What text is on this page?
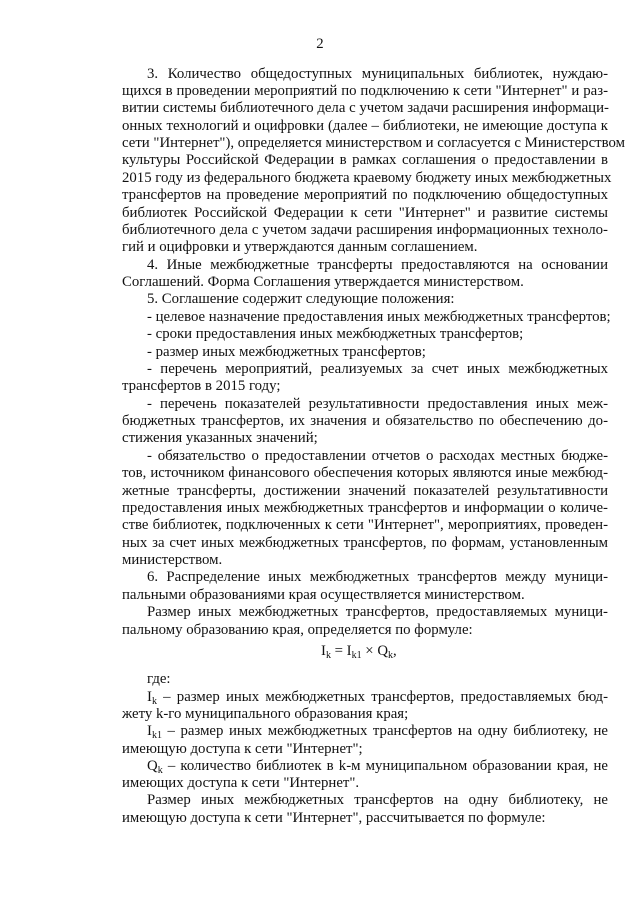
2
3. Количество общедоступных муниципальных библиотек, нуждаю-
щихся в проведении мероприятий по подключению к сети "Интернет" и раз-
витии системы библиотечного дела с учетом задачи расширения информаци-
онных технологий и оцифровки (далее – библиотеки, не имеющие доступа к
сети "Интернет"), определяется министерством и согласуется с Министерством
культуры Российской Федерации в рамках соглашения о предоставлении в
2015 году из федерального бюджета краевому бюджету иных межбюджетных
трансфертов на проведение мероприятий по подключению общедоступных
библиотек Российской Федерации к сети "Интернет" и развитие системы
библиотечного дела с учетом задачи расширения информационных техноло-
гий и оцифровки и утверждаются данным соглашением.
4. Иные межбюджетные трансферты предоставляются на основании
Соглашений. Форма Соглашения утверждается министерством.
5. Соглашение содержит следующие положения:
- целевое назначение предоставления иных межбюджетных трансфертов;
- сроки предоставления иных межбюджетных трансфертов;
- размер иных межбюджетных трансфертов;
- перечень мероприятий, реализуемых за счет иных межбюджетных
трансфертов в 2015 году;
- перечень показателей результативности предоставления иных меж-
бюджетных трансфертов, их значения и обязательство по обеспечению до-
стижения указанных значений;
- обязательство о предоставлении отчетов о расходах местных бюдже-
тов, источником финансового обеспечения которых являются иные межбюд-
жетные трансферты, достижении значений показателей результативности
предоставления иных межбюджетных трансфертов и информации о количе-
стве библиотек, подключенных к сети "Интернет", мероприятиях, проведен-
ных за счет иных межбюджетных трансфертов, по формам, установленным
министерством.
6. Распределение иных межбюджетных трансфертов между муници-
пальными образованиями края осуществляется министерством.
Размер иных межбюджетных трансфертов, предоставляемых муници-
пальному образованию края, определяется по формуле:
$I_k = I_{k1} \times Q_k$,
где:
$I_k$ – размер иных межбюджетных трансфертов, предоставляемых бюд-
жету k-го муниципального образования края;
$I_{k1}$ – размер иных межбюджетных трансфертов на одну библиотеку, не
имеющую доступа к сети "Интернет";
$Q_k$ – количество библиотек в k-м муниципальном образовании края, не
имеющих доступа к сети "Интернет".
Размер иных межбюджетных трансфертов на одну библиотеку, не
имеющую доступа к сети "Интернет", рассчитывается по формуле:
